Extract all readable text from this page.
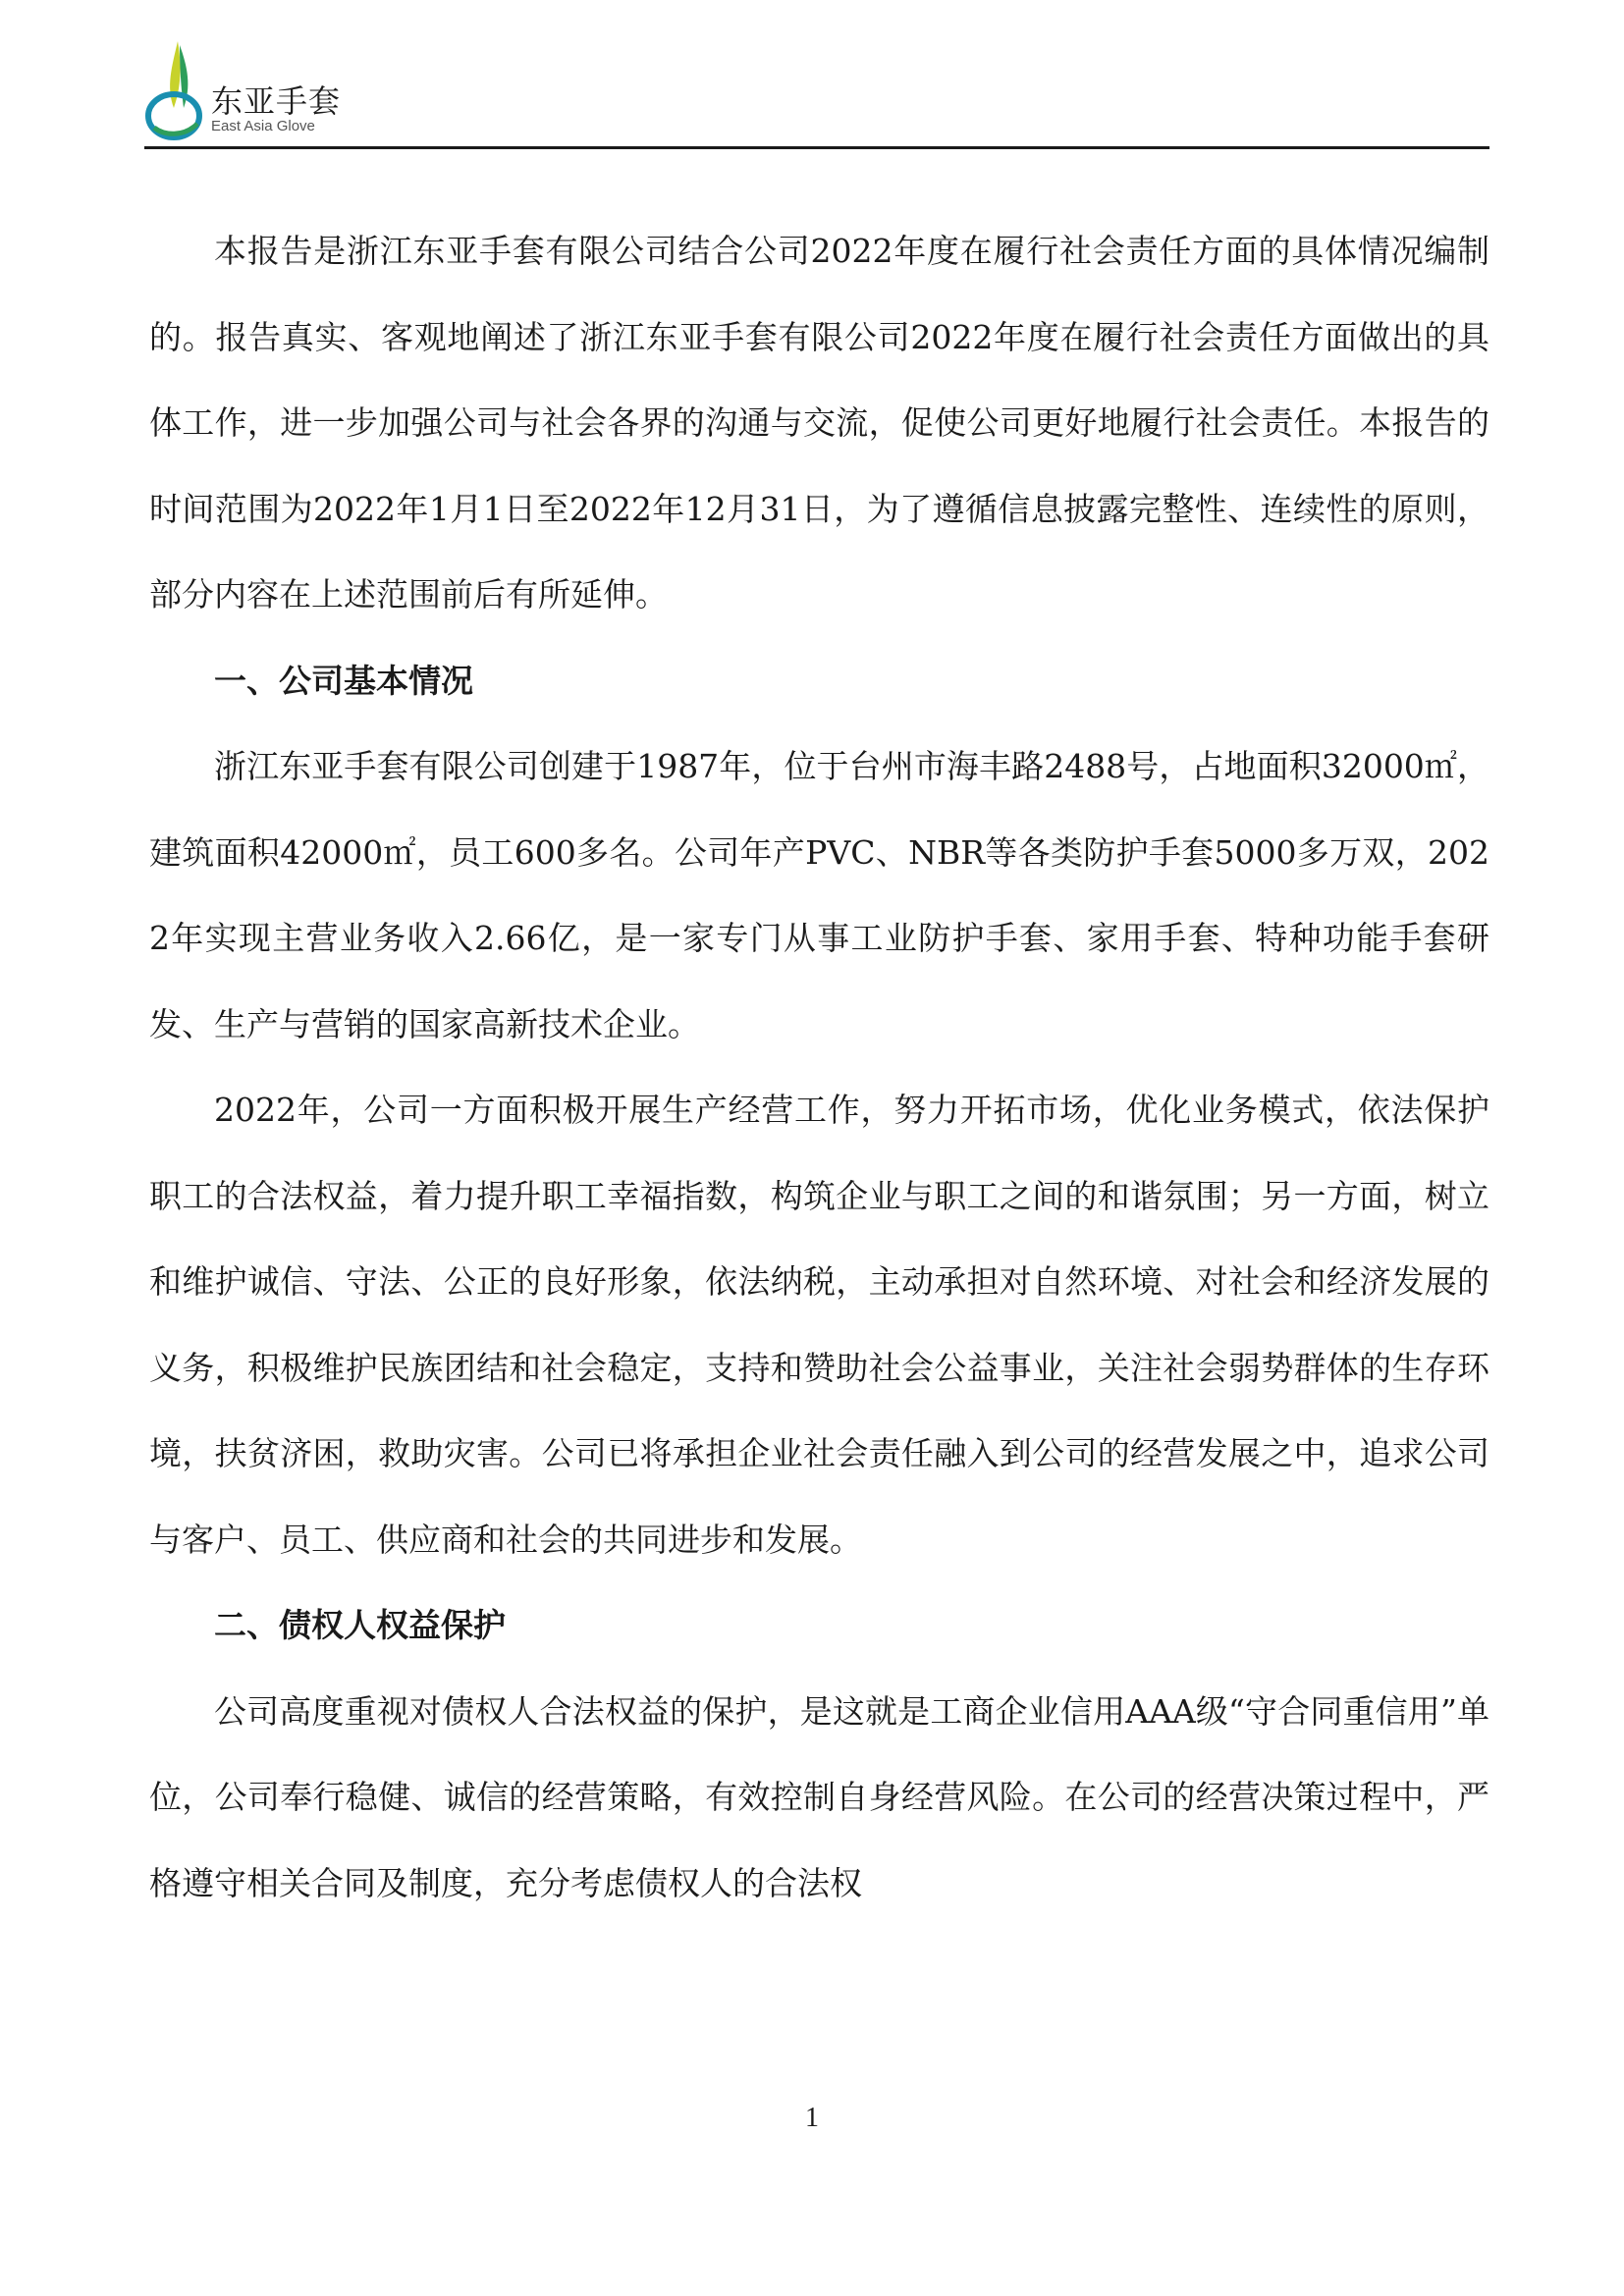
东亚手套
East Asia Glove

本报告是浙江东亚手套有限公司结合公司2022年度在履行社会责任方面的具体情况编制的。报告真实、客观地阐述了浙江东亚手套有限公司2022年度在履行社会责任方面做出的具体工作，进一步加强公司与社会各界的沟通与交流，促使公司更好地履行社会责任。本报告的时间范围为2022年1月1日至2022年12月31日，为了遵循信息披露完整性、连续性的原则，部分内容在上述范围前后有所延伸。

一、公司基本情况

浙江东亚手套有限公司创建于1987年，位于台州市海丰路2488号，占地面积32000㎡，建筑面积42000㎡，员工600多名。公司年产PVC、NBR等各类防护手套5000多万双，2022年实现主营业务收入2.66亿，是一家专门从事工业防护手套、家用手套、特种功能手套研发、生产与营销的国家高新技术企业。

2022年，公司一方面积极开展生产经营工作，努力开拓市场，优化业务模式，依法保护职工的合法权益，着力提升职工幸福指数，构筑企业与职工之间的和谐氛围；另一方面，树立和维护诚信、守法、公正的良好形象，依法纳税，主动承担对自然环境、对社会和经济发展的义务，积极维护民族团结和社会稳定，支持和赞助社会公益事业，关注社会弱势群体的生存环境，扶贫济困，救助灾害。公司已将承担企业社会责任融入到公司的经营发展之中，追求公司与客户、员工、供应商和社会的共同进步和发展。

二、债权人权益保护

公司高度重视对债权人合法权益的保护，是这就是工商企业信用AAA级“守合同重信用”单位，公司奉行稳健、诚信的经营策略，有效控制自身经营风险。在公司的经营决策过程中，严格遵守相关合同及制度，充分考虑债权人的合法权

1
